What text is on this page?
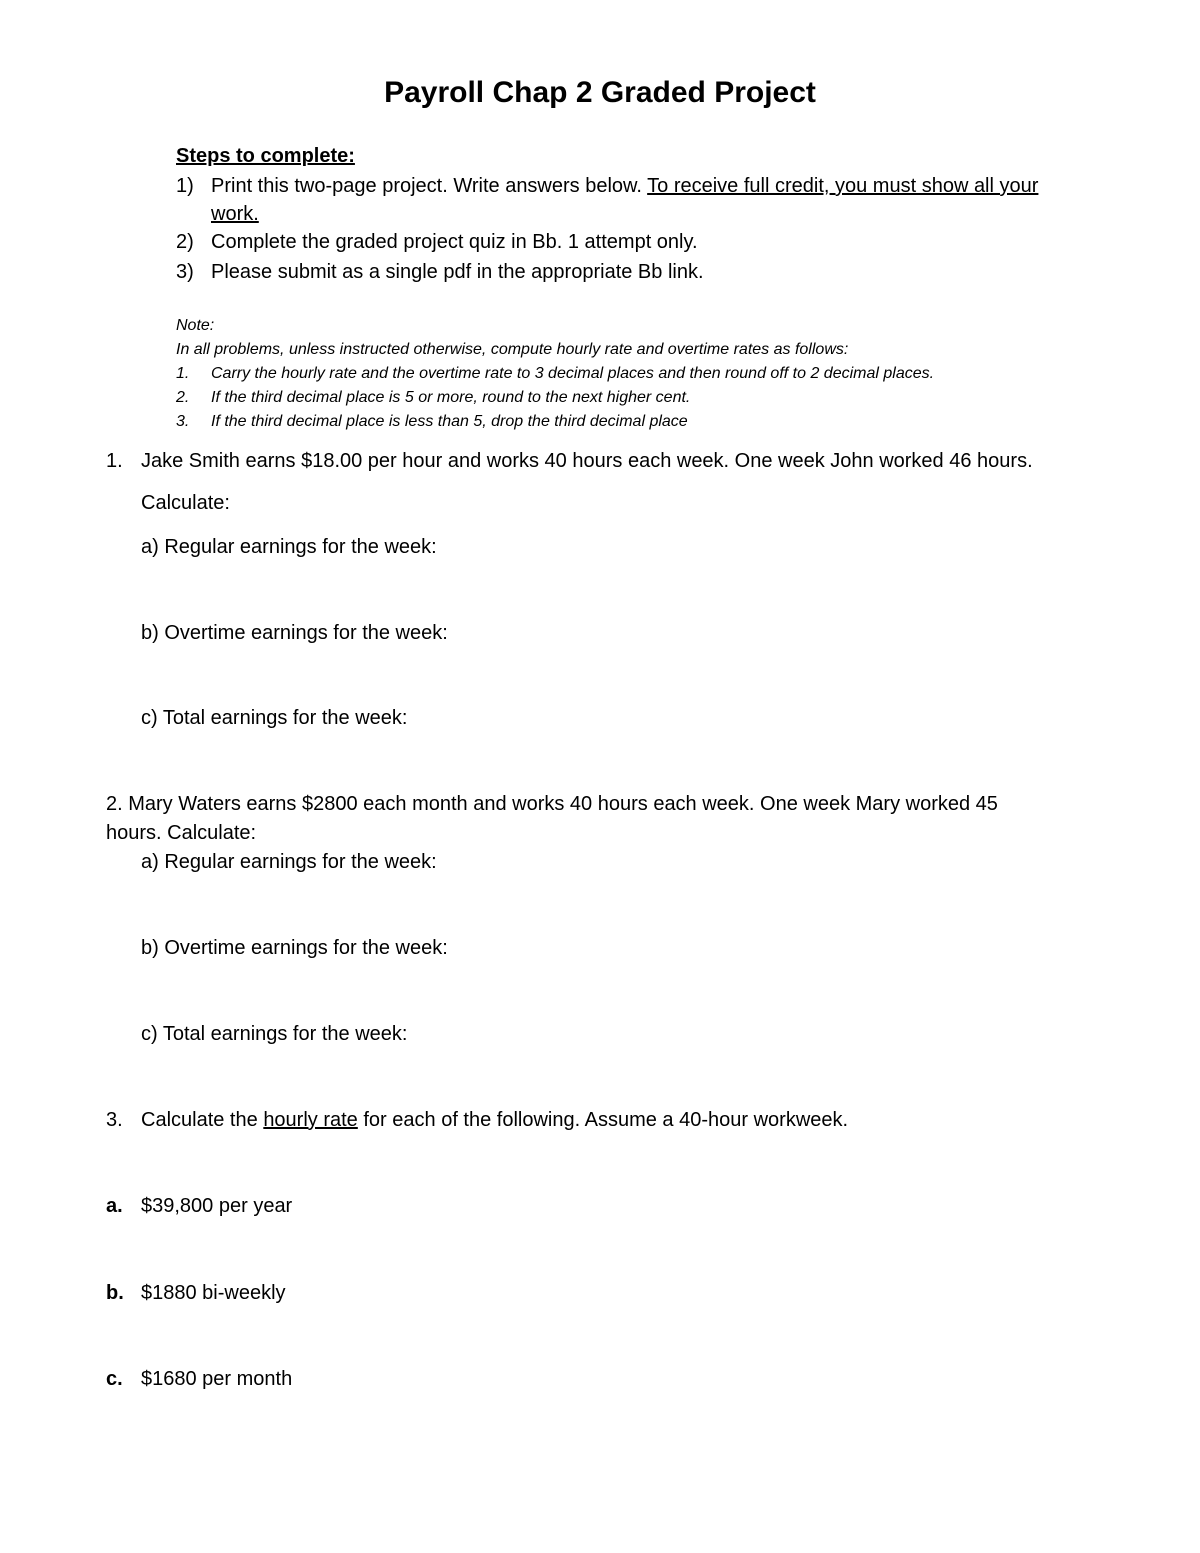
Payroll Chap 2 Graded Project
Steps to complete:
1) Print this two-page project. Write answers below. To receive full credit, you must show all your
work.
2) Complete the graded project quiz in Bb. 1 attempt only.
3) Please submit as a single pdf in the appropriate Bb link.
Note:
In all problems, unless instructed otherwise, compute hourly rate and overtime rates as follows:
1. Carry the hourly rate and the overtime rate to 3 decimal places and then round off to 2 decimal places.
2. If the third decimal place is 5 or more, round to the next higher cent.
3. If the third decimal place is less than 5, drop the third decimal place
1. Jake Smith earns $18.00 per hour and works 40 hours each week. One week John worked 46 hours.
Calculate:
a) Regular earnings for the week:
b) Overtime earnings for the week:
c) Total earnings for the week:
2. Mary Waters earns $2800 each month and works 40 hours each week. One week Mary worked 45
hours. Calculate:
a) Regular earnings for the week:
b) Overtime earnings for the week:
c) Total earnings for the week:
3. Calculate the hourly rate for each of the following. Assume a 40-hour workweek.
a. $39,800 per year
b. $1880 bi-weekly
c. $1680 per month
